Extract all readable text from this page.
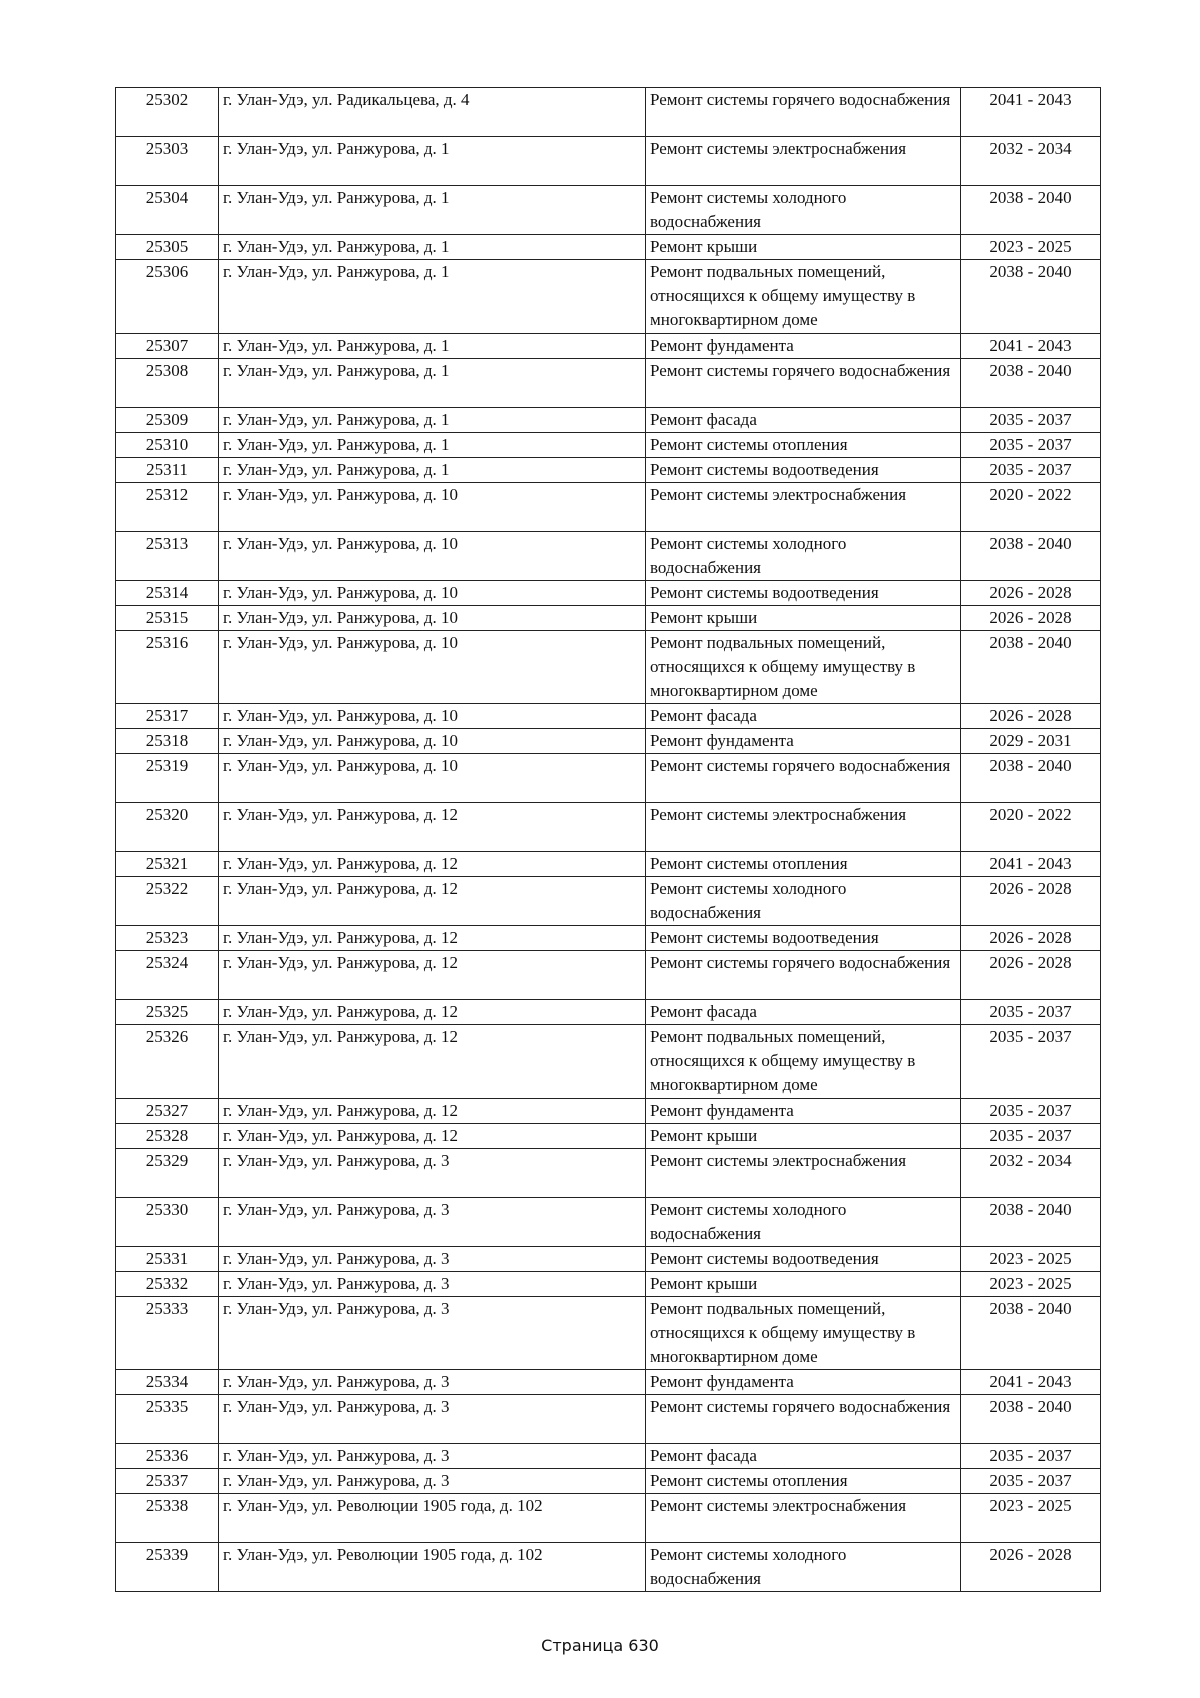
25302	г. Улан-Удэ, ул. Радикальцева, д. 4	Ремонт системы горячего водоснабжения	2041 - 2043
25303	г. Улан-Удэ, ул. Ранжурова, д. 1	Ремонт системы электроснабжения	2032 - 2034
25304	г. Улан-Удэ, ул. Ранжурова, д. 1	Ремонт системы холодного водоснабжения	2038 - 2040
25305	г. Улан-Удэ, ул. Ранжурова, д. 1	Ремонт крыши	2023 - 2025
25306	г. Улан-Удэ, ул. Ранжурова, д. 1	Ремонт подвальных помещений, относящихся к общему имуществу в многоквартирном доме	2038 - 2040
25307	г. Улан-Удэ, ул. Ранжурова, д. 1	Ремонт фундамента	2041 - 2043
25308	г. Улан-Удэ, ул. Ранжурова, д. 1	Ремонт системы горячего водоснабжения	2038 - 2040
25309	г. Улан-Удэ, ул. Ранжурова, д. 1	Ремонт фасада	2035 - 2037
25310	г. Улан-Удэ, ул. Ранжурова, д. 1	Ремонт системы отопления	2035 - 2037
25311	г. Улан-Удэ, ул. Ранжурова, д. 1	Ремонт системы водоотведения	2035 - 2037
25312	г. Улан-Удэ, ул. Ранжурова, д. 10	Ремонт системы электроснабжения	2020 - 2022
25313	г. Улан-Удэ, ул. Ранжурова, д. 10	Ремонт системы холодного водоснабжения	2038 - 2040
25314	г. Улан-Удэ, ул. Ранжурова, д. 10	Ремонт системы водоотведения	2026 - 2028
25315	г. Улан-Удэ, ул. Ранжурова, д. 10	Ремонт крыши	2026 - 2028
25316	г. Улан-Удэ, ул. Ранжурова, д. 10	Ремонт подвальных помещений, относящихся к общему имуществу в многоквартирном доме	2038 - 2040
25317	г. Улан-Удэ, ул. Ранжурова, д. 10	Ремонт фасада	2026 - 2028
25318	г. Улан-Удэ, ул. Ранжурова, д. 10	Ремонт фундамента	2029 - 2031
25319	г. Улан-Удэ, ул. Ранжурова, д. 10	Ремонт системы горячего водоснабжения	2038 - 2040
25320	г. Улан-Удэ, ул. Ранжурова, д. 12	Ремонт системы электроснабжения	2020 - 2022
25321	г. Улан-Удэ, ул. Ранжурова, д. 12	Ремонт системы отопления	2041 - 2043
25322	г. Улан-Удэ, ул. Ранжурова, д. 12	Ремонт системы холодного водоснабжения	2026 - 2028
25323	г. Улан-Удэ, ул. Ранжурова, д. 12	Ремонт системы водоотведения	2026 - 2028
25324	г. Улан-Удэ, ул. Ранжурова, д. 12	Ремонт системы горячего водоснабжения	2026 - 2028
25325	г. Улан-Удэ, ул. Ранжурова, д. 12	Ремонт фасада	2035 - 2037
25326	г. Улан-Удэ, ул. Ранжурова, д. 12	Ремонт подвальных помещений, относящихся к общему имуществу в многоквартирном доме	2035 - 2037
25327	г. Улан-Удэ, ул. Ранжурова, д. 12	Ремонт фундамента	2035 - 2037
25328	г. Улан-Удэ, ул. Ранжурова, д. 12	Ремонт крыши	2035 - 2037
25329	г. Улан-Удэ, ул. Ранжурова, д. 3	Ремонт системы электроснабжения	2032 - 2034
25330	г. Улан-Удэ, ул. Ранжурова, д. 3	Ремонт системы холодного водоснабжения	2038 - 2040
25331	г. Улан-Удэ, ул. Ранжурова, д. 3	Ремонт системы водоотведения	2023 - 2025
25332	г. Улан-Удэ, ул. Ранжурова, д. 3	Ремонт крыши	2023 - 2025
25333	г. Улан-Удэ, ул. Ранжурова, д. 3	Ремонт подвальных помещений, относящихся к общему имуществу в многоквартирном доме	2038 - 2040
25334	г. Улан-Удэ, ул. Ранжурова, д. 3	Ремонт фундамента	2041 - 2043
25335	г. Улан-Удэ, ул. Ранжурова, д. 3	Ремонт системы горячего водоснабжения	2038 - 2040
25336	г. Улан-Удэ, ул. Ранжурова, д. 3	Ремонт фасада	2035 - 2037
25337	г. Улан-Удэ, ул. Ранжурова, д. 3	Ремонт системы отопления	2035 - 2037
25338	г. Улан-Удэ, ул. Революции 1905 года, д. 102	Ремонт системы электроснабжения	2023 - 2025
25339	г. Улан-Удэ, ул. Революции 1905 года, д. 102	Ремонт системы холодного водоснабжения	2026 - 2028
Страница 630
